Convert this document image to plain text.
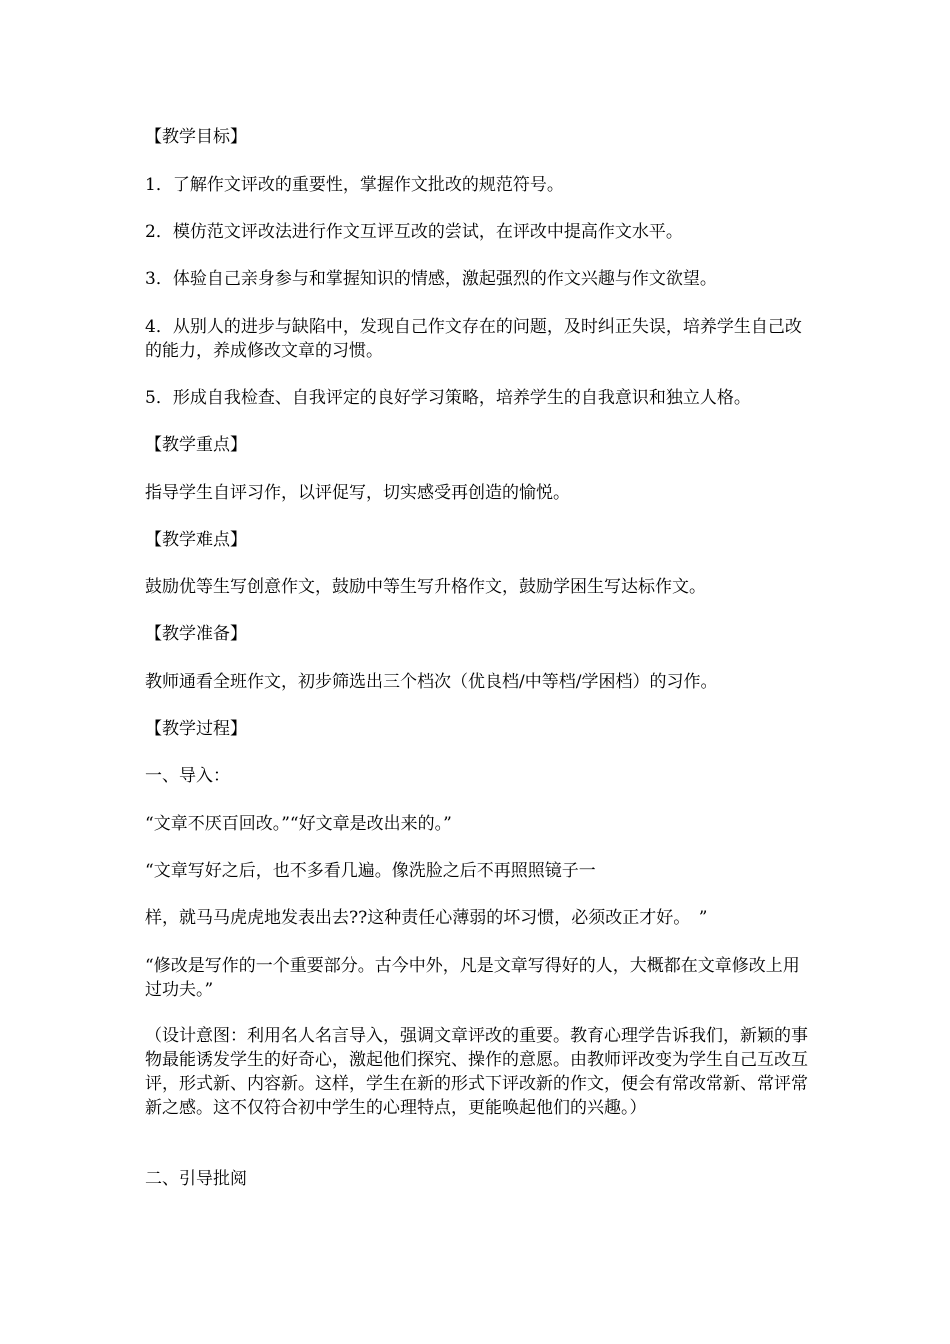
【教学目标】

1．了解作文评改的重要性，掌握作文批改的规范符号。

2．模仿范文评改法进行作文互评互改的尝试，在评改中提高作文水平。

3．体验自己亲身参与和掌握知识的情感，激起强烈的作文兴趣与作文欲望。

4．从别人的进步与缺陷中，发现自己作文存在的问题，及时纠正失误，培养学生自己改的能力，养成修改文章的习惯。

5．形成自我检查、自我评定的良好学习策略，培养学生的自我意识和独立人格。

【教学重点】

指导学生自评习作，以评促写，切实感受再创造的愉悦。

【教学难点】

鼓励优等生写创意作文，鼓励中等生写升格作文，鼓励学困生写达标作文。

【教学准备】

教师通看全班作文，初步筛选出三个档次（优良档/中等档/学困档）的习作。

【教学过程】

一、导入：

“文章不厌百回改。”“好文章是改出来的。”

“文章写好之后，也不多看几遍。像洗脸之后不再照照镜子一

样，就马马虎虎地发表出去??这种责任心薄弱的坏习惯，必须改正才好。　”

“修改是写作的一个重要部分。古今中外，凡是文章写得好的人，大概都在文章修改上用过功夫。”

（设计意图：利用名人名言导入，强调文章评改的重要。教育心理学告诉我们，新颖的事物最能诱发学生的好奇心，激起他们探究、操作的意愿。由教师评改变为学生自己互改互评，形式新、内容新。这样，学生在新的形式下评改新的作文，便会有常改常新、常评常新之感。这不仅符合初中学生的心理特点，更能唤起他们的兴趣。）

二、引导批阅
